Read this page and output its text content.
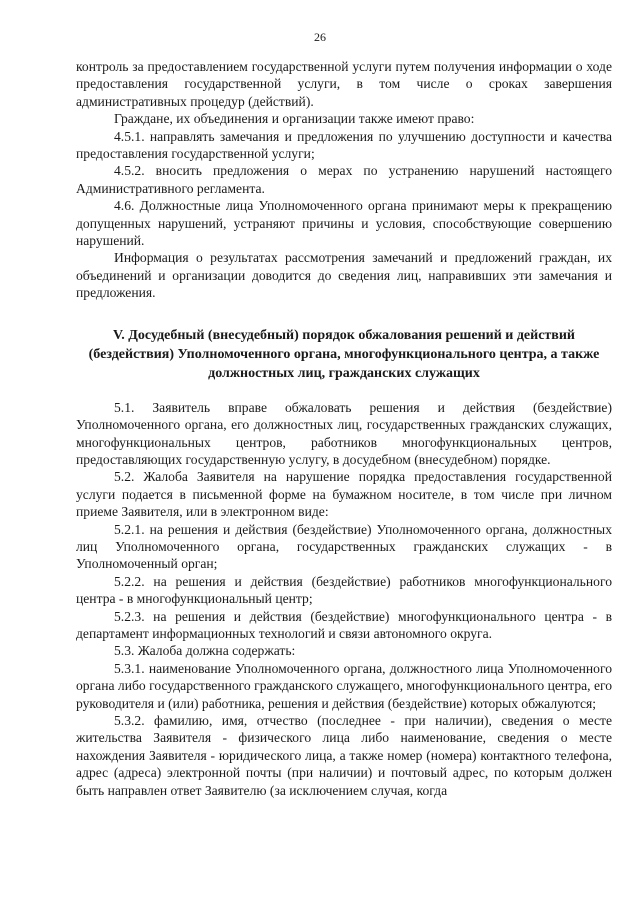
26

контроль за предоставлением государственной услуги путем получения информации о ходе предоставления государственной услуги, в том числе о сроках завершения административных процедур (действий).

Граждане, их объединения и организации также имеют право:

4.5.1. направлять замечания и предложения по улучшению доступности и качества предоставления государственной услуги;

4.5.2. вносить предложения о мерах по устранению нарушений настоящего Административного регламента.

4.6. Должностные лица Уполномоченного органа принимают меры к прекращению допущенных нарушений, устраняют причины и условия, способствующие совершению нарушений.

Информация о результатах рассмотрения замечаний и предложений граждан, их объединений и организации доводится до сведения лиц, направивших эти замечания и предложения.

V. Досудебный (внесудебный) порядок обжалования решений и действий (бездействия) Уполномоченного органа, многофункционального центра, а также должностных лиц, гражданских служащих

5.1. Заявитель вправе обжаловать решения и действия (бездействие) Уполномоченного органа, его должностных лиц, государственных гражданских служащих, многофункциональных центров, работников многофункциональных центров, предоставляющих государственную услугу, в досудебном (внесудебном) порядке.

5.2. Жалоба Заявителя на нарушение порядка предоставления государственной услуги подается в письменной форме на бумажном носителе, в том числе при личном приеме Заявителя, или в электронном виде:

5.2.1. на решения и действия (бездействие) Уполномоченного органа, должностных лиц Уполномоченного органа, государственных гражданских служащих - в Уполномоченный орган;

5.2.2. на решения и действия (бездействие) работников многофункционального центра - в многофункциональный центр;

5.2.3. на решения и действия (бездействие) многофункционального центра - в департамент информационных технологий и связи автономного округа.

5.3. Жалоба должна содержать:

5.3.1. наименование Уполномоченного органа, должностного лица Уполномоченного органа либо государственного гражданского служащего, многофункционального центра, его руководителя и (или) работника, решения и действия (бездействие) которых обжалуются;

5.3.2. фамилию, имя, отчество (последнее - при наличии), сведения о месте жительства Заявителя - физического лица либо наименование, сведения о месте нахождения Заявителя - юридического лица, а также номер (номера) контактного телефона, адрес (адреса) электронной почты (при наличии) и почтовый адрес, по которым должен быть направлен ответ Заявителю (за исключением случая, когда
